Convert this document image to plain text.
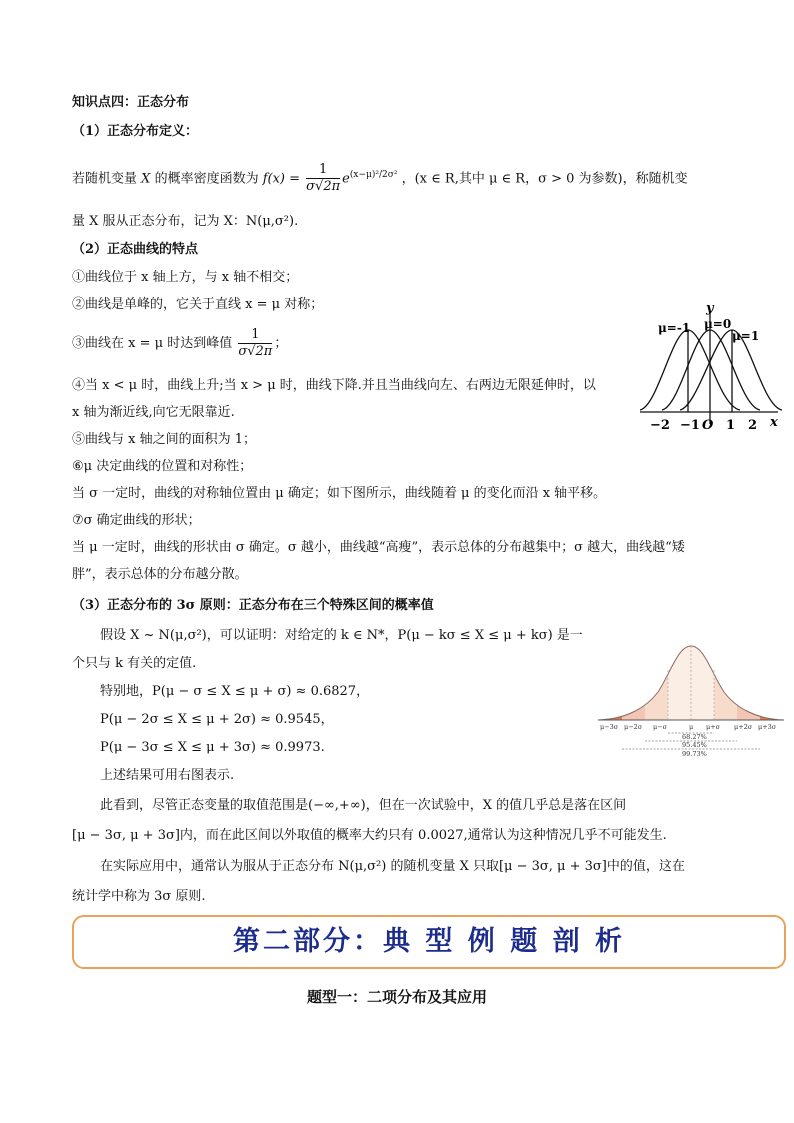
知识点四：正态分布
（1）正态分布定义：
若随机变量 X 的概率密度函数为 $f(x) = \frac{1}{\sigma√2\pi} e^{(x-\mu)^2/2\sigma^2}$ ，(x ∈ R,其中 μ ∈ R，σ > 0 为参数)，称随机变
量 X 服从正态分布，记为 X：N(μ,σ²).
（2）正态曲线的特点
①曲线位于 x 轴上方，与 x 轴不相交；
②曲线是单峰的，它关于直线 x = μ 对称；
③曲线在 x = μ 时达到峰值 $\frac{1}{\sigma√2\pi}$ ；
④当 x < μ 时，曲线上升;当 x > μ 时，曲线下降.并且当曲线向左、右两边无限延伸时，以
x 轴为渐近线,向它无限靠近.
⑤曲线与 x 轴之间的面积为 1；
⑥μ 决定曲线的位置和对称性；
当 σ 一定时，曲线的对称轴位置由 μ 确定；如下图所示，曲线随着 μ 的变化而沿 x 轴平移。
⑦σ 确定曲线的形状；
当 μ 一定时，曲线的形状由 σ 确定。σ 越小，曲线越“高瘦”，表示总体的分布越集中；σ 越大，曲线越“矮
胖”，表示总体的分布越分散。
μ=-1 μ=0
μ=1
y
x
−2 −1 O 1 2
（3）正态分布的 3σ 原则：正态分布在三个特殊区间的概率值
假设 X ~ N(μ,σ²)，可以证明：对给定的 k ∈ N*，P(μ − kσ ≤ X ≤ μ + kσ) 是一
个只与 k 有关的定值.
特别地，P(μ − σ ≤ X ≤ μ + σ) ≈ 0.6827，
P(μ − 2σ ≤ X ≤ μ + 2σ) ≈ 0.9545，
P(μ − 3σ ≤ X ≤ μ + 3σ) ≈ 0.9973.
上述结果可用右图表示.
此看到，尽管正态变量的取值范围是(−∞,+∞)，但在一次试验中，X 的值几乎总是落在区间
[μ − 3σ, μ + 3σ]内，而在此区间以外取值的概率大约只有 0.0027,通常认为这种情况几乎不可能发生.
在实际应用中，通常认为服从于正态分布 N(μ,σ²) 的随机变量 X 只取[μ − 3σ, μ + 3σ]中的值，这在
统计学中称为 3σ 原则.
μ−3σ μ−2σ μ−σ	μ μ+σ μ+2σ μ+3σ
68.27%
95.45%
99.73%
第二部分：典 型 例 题 剖 析
题型一：二项分布及其应用
